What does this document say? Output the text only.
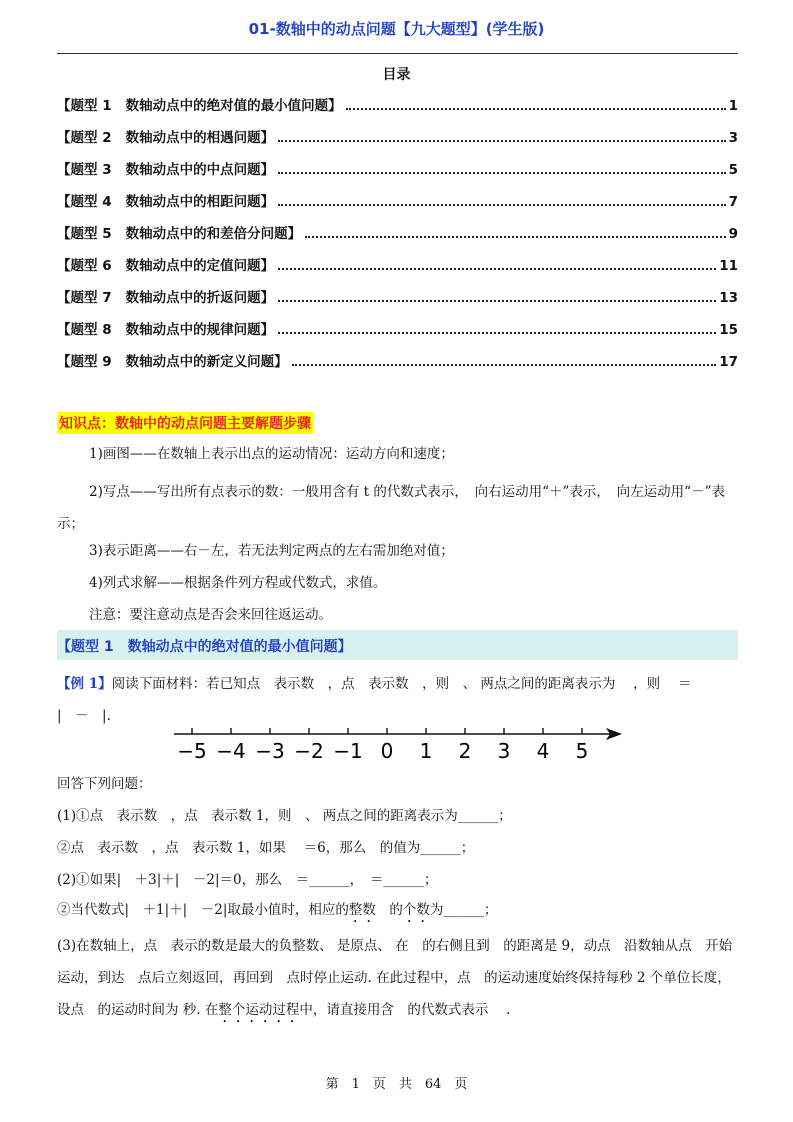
01-数轴中的动点问题【九大题型】(学生版)
目录
【题型 1 数轴动点中的绝对值的最小值问题】	1
【题型 2 数轴动点中的相遇问题】	3
【题型 3 数轴动点中的中点问题】	5
【题型 4 数轴动点中的相距问题】	7
【题型 5 数轴动点中的和差倍分问题】	9
【题型 6 数轴动点中的定值问题】	11
【题型 7 数轴动点中的折返问题】	13
【题型 8 数轴动点中的规律问题】	15
【题型 9 数轴动点中的新定义问题】	17
知识点：数轴中的动点问题主要解题步骤
1)画图——在数轴上表示出点的运动情况：运动方向和速度；
2)写点——写出所有点表示的数：一般用含有 t 的代数式表示，　向右运动用“＋”表示，　向左运动用“－”表示；
3)表示距离——右－左，若无法判定两点的左右需加绝对值；
4)列式求解——根据条件列方程或代数式，求值。
注意：要注意动点是否会来回往返运动。
【题型 1　数轴动点中的绝对值的最小值问题】
【例 1】阅读下面材料：若已知点　表示数　，点　表示数　，则　、 两点之间的距离表示为　 ，则　 ＝
|　－　|.
−5 −4 −3 −2 −1 0 1 2 3 4 5
回答下列问题：
(1)①点　表示数　，点　表示数 1，则　、 两点之间的距离表示为______；
②点　表示数　，点　表示数 1，如果　 ＝6，那么　的值为______；
(2)①如果|　＋3|＋|　－2|＝0，那么　＝______，　＝______；
②当代数式|　＋1|＋|　－2|取最小值时，相应的整数　的个数为______；
(3)在数轴上，点　表示的数是最大的负整数、 是原点、 在　的右侧且到　的距离是 9，动点　沿数轴从点　开始运动，到达　点后立刻返回，再回到　点时停止运动. 在此过程中，点　的运动速度始终保持每秒 2 个单位长度，设点　的运动时间为 秒. 在整个运动过程中，请直接用含　的代数式表示　 .
第　1　页　共　64　页
